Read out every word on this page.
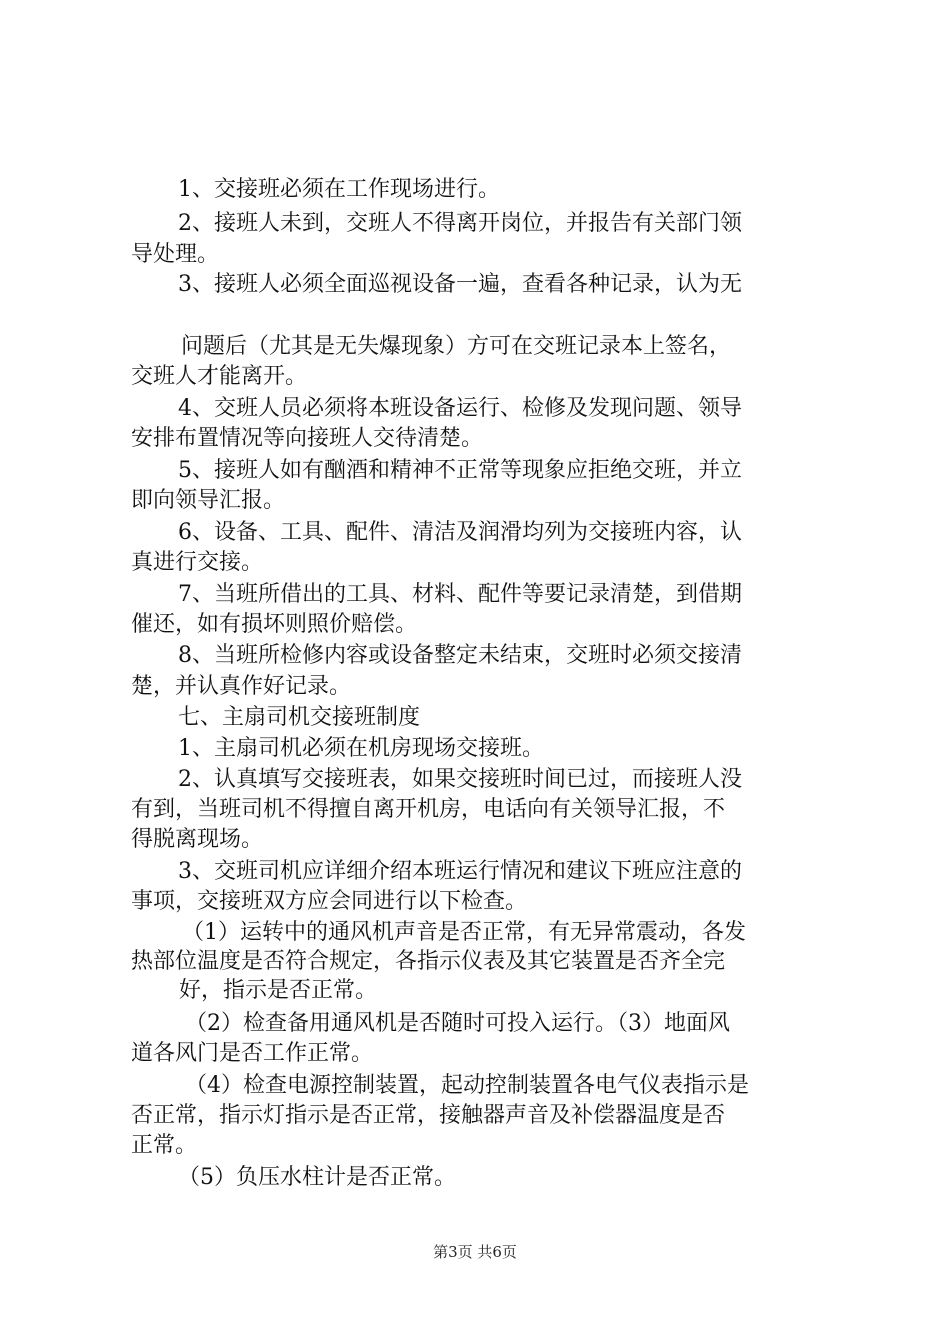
1、交接班必须在工作现场进行。
2、接班人未到，交班人不得离开岗位，并报告有关部门领
导处理。
3、接班人必须全面巡视设备一遍，查看各种记录，认为无
问题后（尤其是无失爆现象）方可在交班记录本上签名，
交班人才能离开。
4、交班人员必须将本班设备运行、检修及发现问题、领导
安排布置情况等向接班人交待清楚。
5、接班人如有酗酒和精神不正常等现象应拒绝交班，并立
即向领导汇报。
6、设备、工具、配件、清洁及润滑均列为交接班内容，认
真进行交接。
7、当班所借出的工具、材料、配件等要记录清楚，到借期
催还，如有损坏则照价赔偿。
8、当班所检修内容或设备整定未结束，交班时必须交接清
楚，并认真作好记录。
七、主扇司机交接班制度
1、主扇司机必须在机房现场交接班。
2、认真填写交接班表，如果交接班时间已过，而接班人没
有到，当班司机不得擅自离开机房，电话向有关领导汇报，不
得脱离现场。
3、交班司机应详细介绍本班运行情况和建议下班应注意的
事项，交接班双方应会同进行以下检查。
（1）运转中的通风机声音是否正常，有无异常震动，各发
热部位温度是否符合规定，各指示仪表及其它装置是否齐全完
好，指示是否正常。
（2）检查备用通风机是否随时可投入运行。（3）地面风
道各风门是否工作正常。
（4）检查电源控制装置，起动控制装置各电气仪表指示是
否正常，指示灯指示是否正常，接触器声音及补偿器温度是否
正常。
（5）负压水柱计是否正常。
第3页 共6页
